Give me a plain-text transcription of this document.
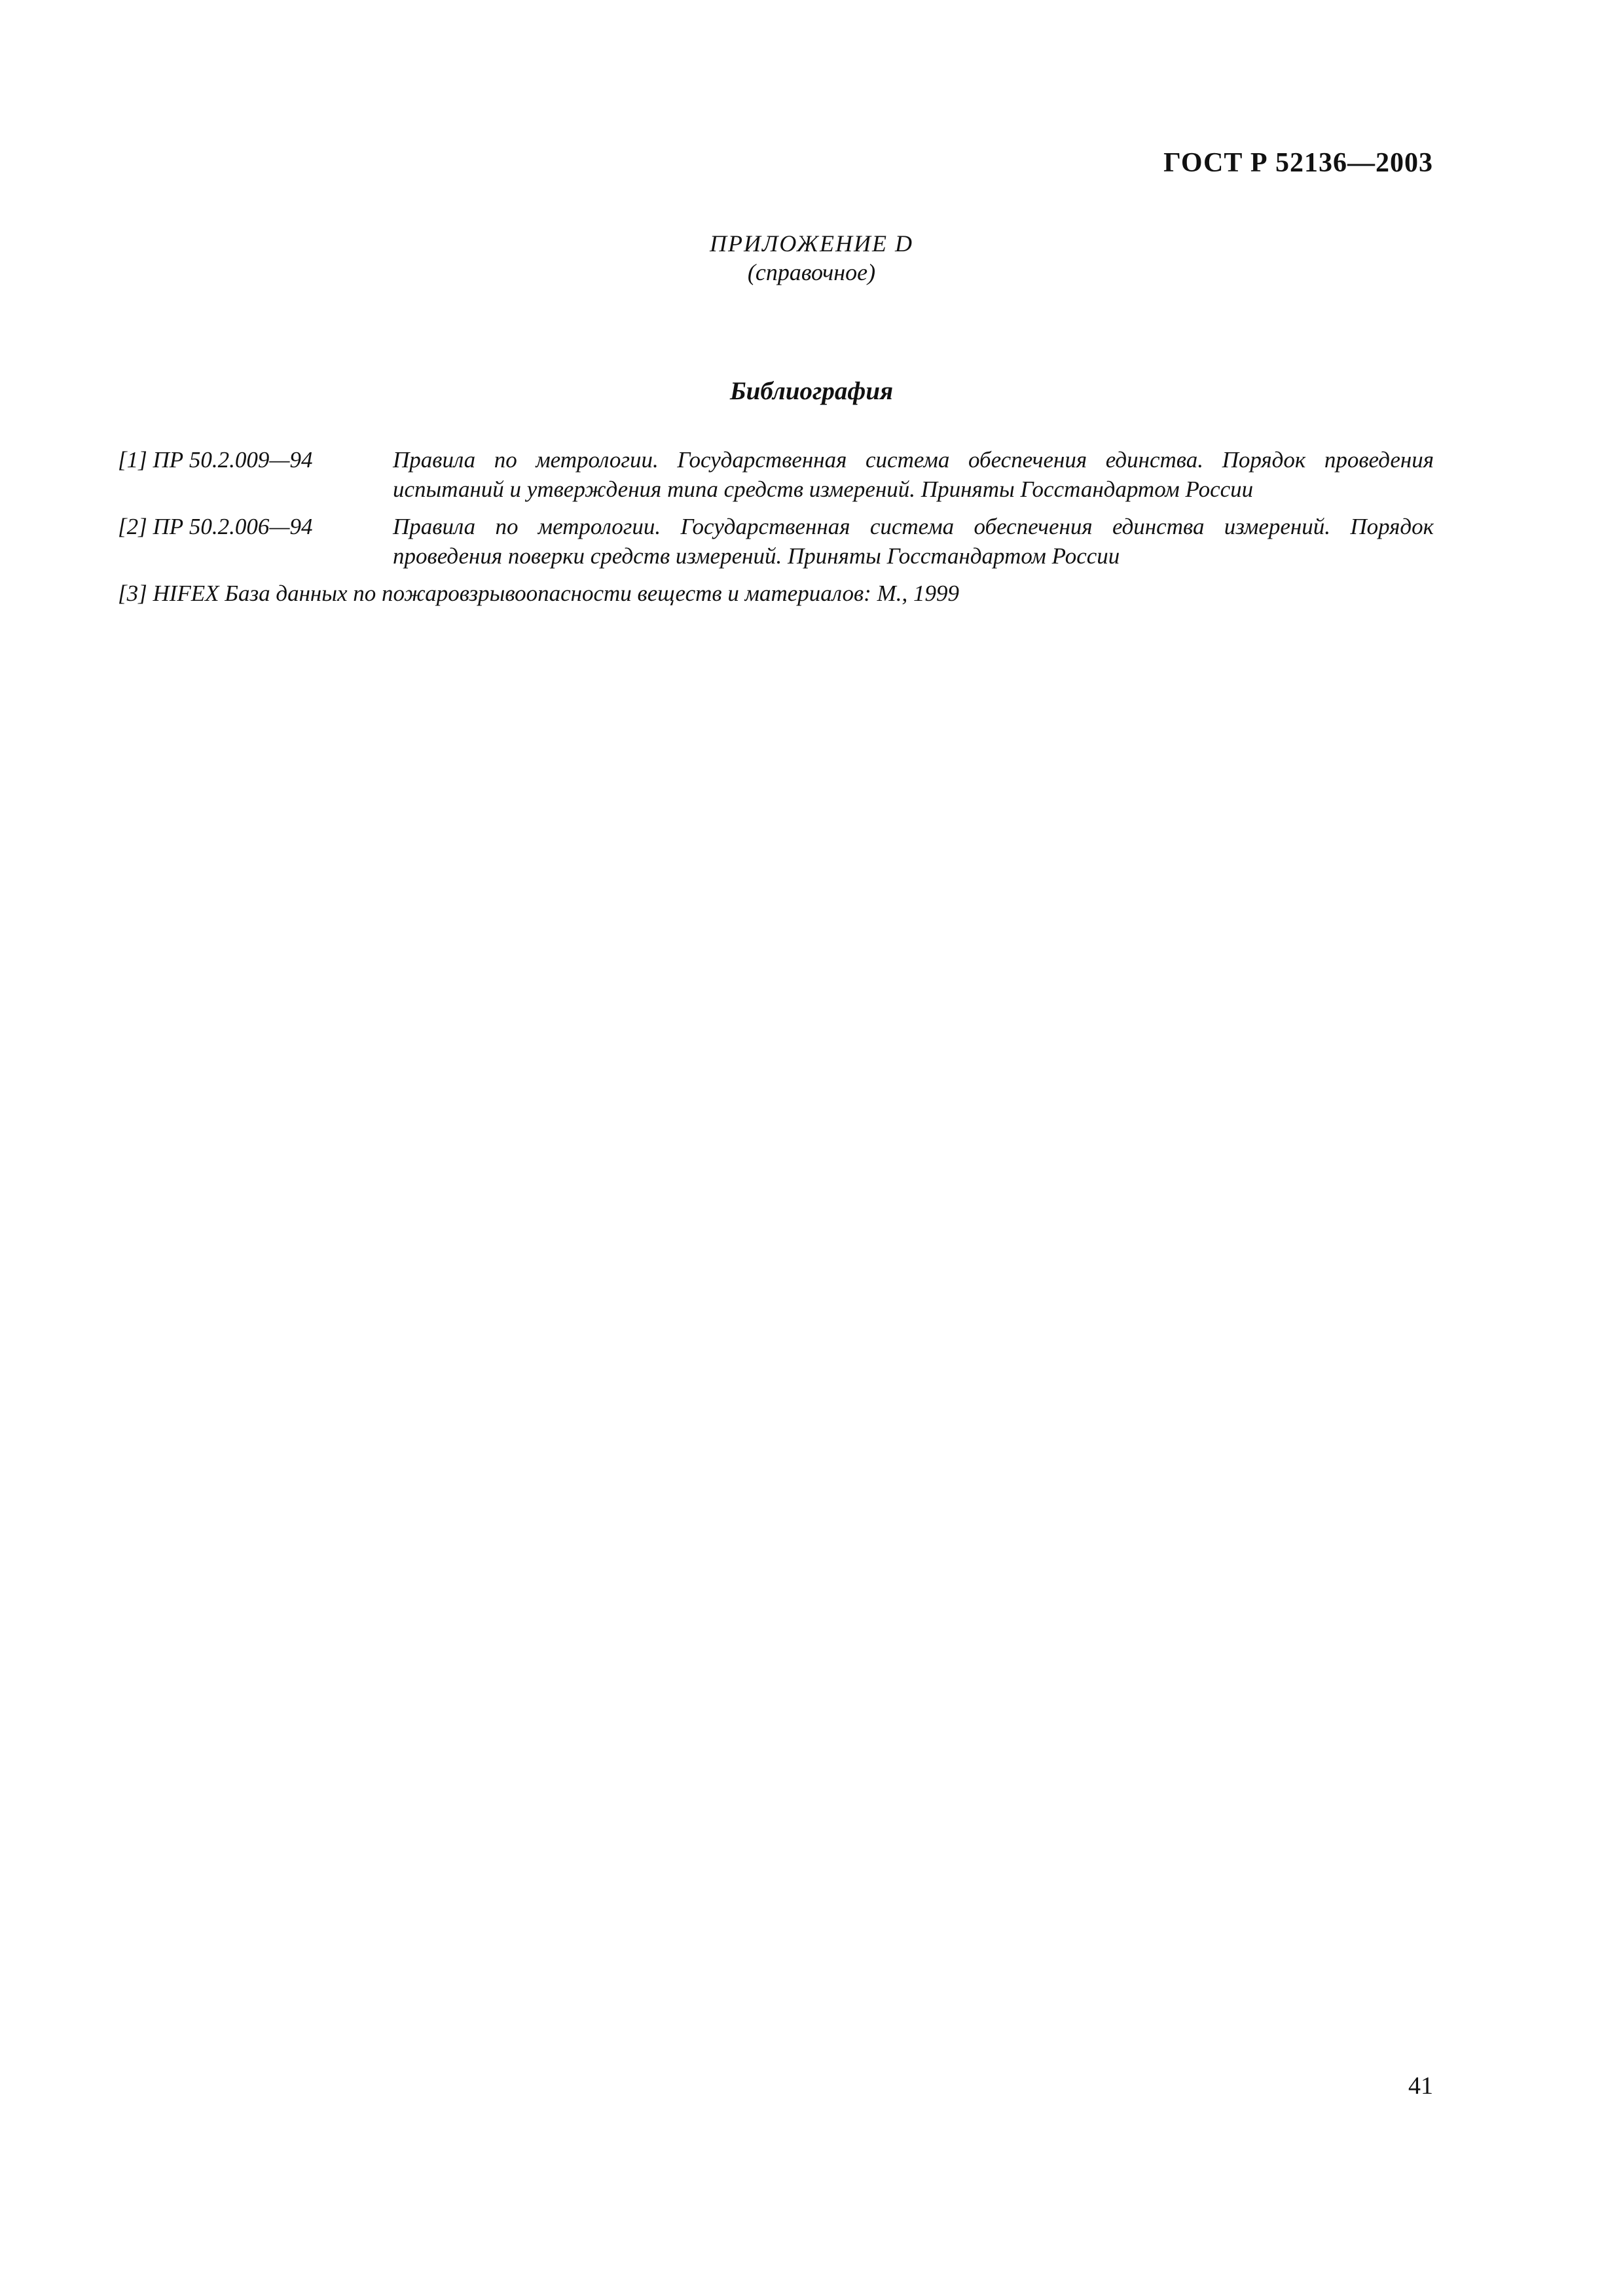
ГОСТ Р 52136—2003
ПРИЛОЖЕНИЕ D
(справочное)
Библиография
[1] ПР 50.2.009—94	Правила по метрологии. Государственная система обеспечения единства. Порядок проведения
испытаний и утверждения типа средств измерений. Приняты Госстандартом России
[2] ПР 50.2.006—94	Правила по метрологии. Государственная система обеспечения единства измерений. Порядок
проведения поверки средств измерений. Приняты Госстандартом России
[3] HIFEX База данных по пожаровзрывоопасности веществ и материалов: М., 1999
41
